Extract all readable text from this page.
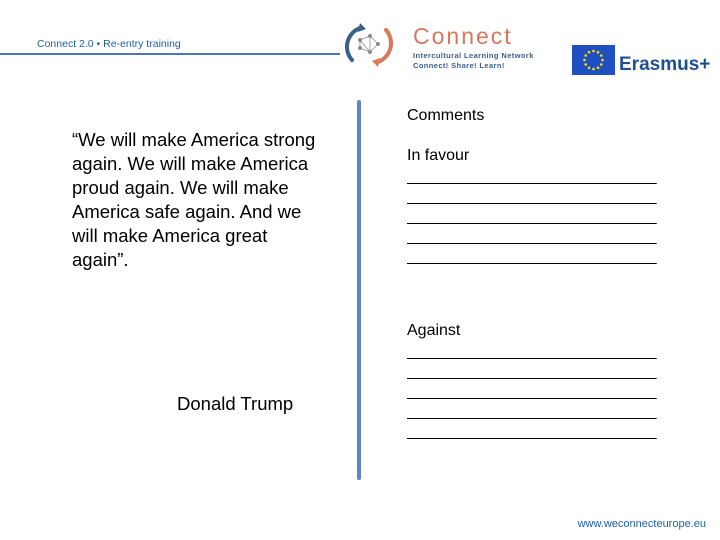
Connect 2.0 • Re-entry training	Connect
Intercultural Learning Network
Connect! Share! Learn!	Erasmus+
“We will make America strong again. We will make America proud again. We will make America safe again. And we will make America great again”.
Donald Trump
Comments
In favour
______________________________
______________________________
______________________________
______________________________
______________________________
Against
______________________________
______________________________
______________________________
______________________________
______________________________
www.weconnecteurope.eu
